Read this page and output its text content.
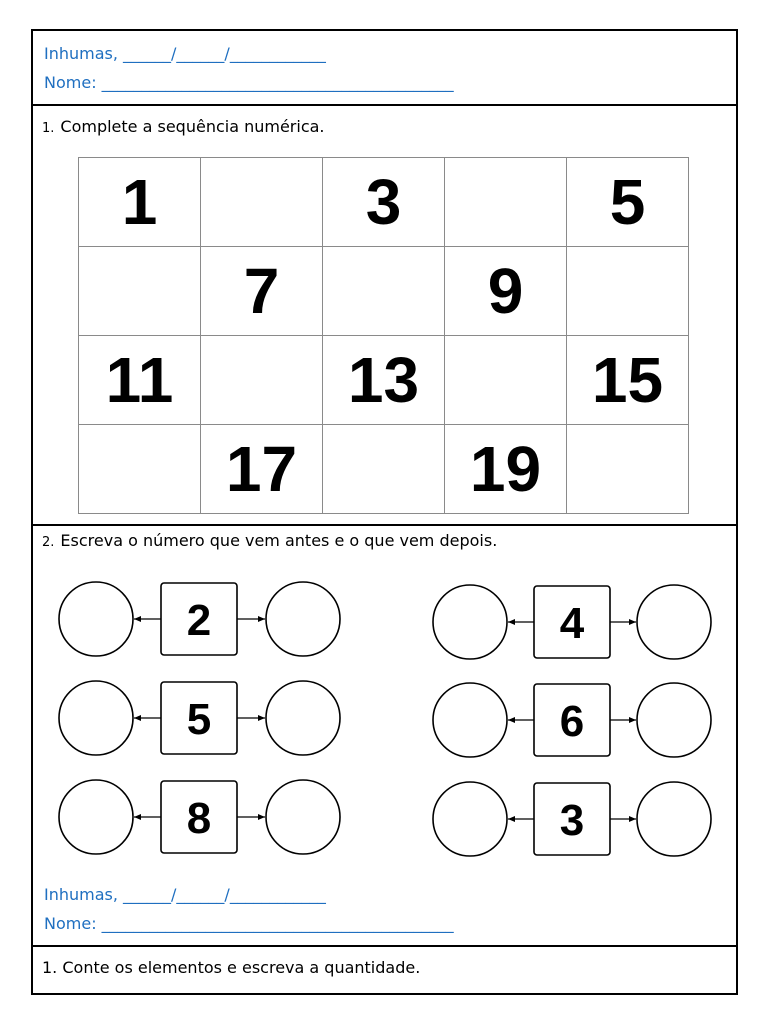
Inhumas, ______/______/____________
Nome: ____________________________________________
1. Complete a sequência numérica.
1		3		5
	7		9	
11		13		15
	17		19	
2. Escreva o número que vem antes e o que vem depois.
2
5
8
4
6
3
Inhumas, ______/______/____________
Nome: ____________________________________________
1. Conte os elementos e escreva a quantidade.
